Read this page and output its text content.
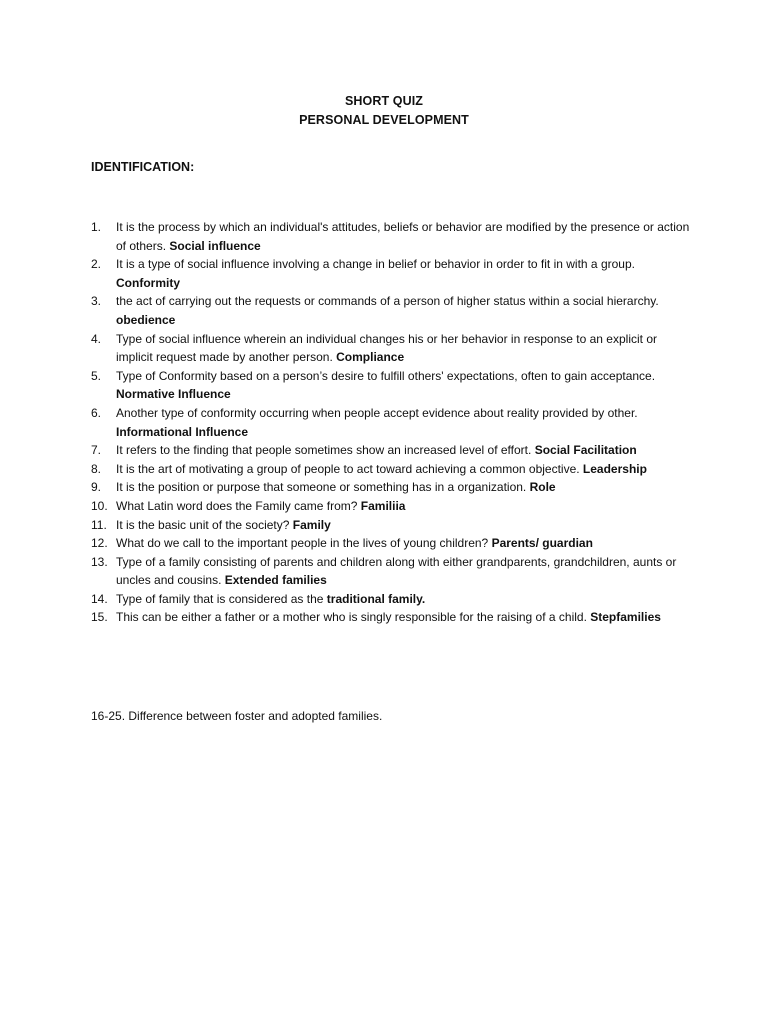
SHORT QUIZ
PERSONAL DEVELOPMENT
IDENTIFICATION:
1.	It is the process by which an individual's attitudes, beliefs or behavior are modified by the presence or action of others. Social influence
2.	It is a type of social influence involving a change in belief or behavior in order to fit in with a group. Conformity
3.	the act of carrying out the requests or commands of a person of higher status within a social hierarchy. obedience
4.	Type of social influence wherein an individual changes his or her behavior in response to an explicit or implicit request made by another person. Compliance
5.	Type of Conformity based on a person’s desire to fulfill others' expectations, often to gain acceptance. Normative Influence
6.	Another type of conformity occurring when people accept evidence about reality provided by other. Informational Influence
7.	It refers to the finding that people sometimes show an increased level of effort. Social Facilitation
8.	It is the art of motivating a group of people to act toward achieving a common objective. Leadership
9.	It is the position or purpose that someone or something has in a organization. Role
10. What Latin word does the Family came from? Familiia
11. It is the basic unit of the society? Family
12. What do we call to the important people in the lives of young children? Parents/ guardian
13. Type of a family consisting of parents and children along with either grandparents, grandchildren, aunts or uncles and cousins. Extended families
14. Type of family that is considered as the traditional family.
15. This can be either a father or a mother who is singly responsible for the raising of a child. Stepfamilies
16-25. Difference between foster and adopted families.
